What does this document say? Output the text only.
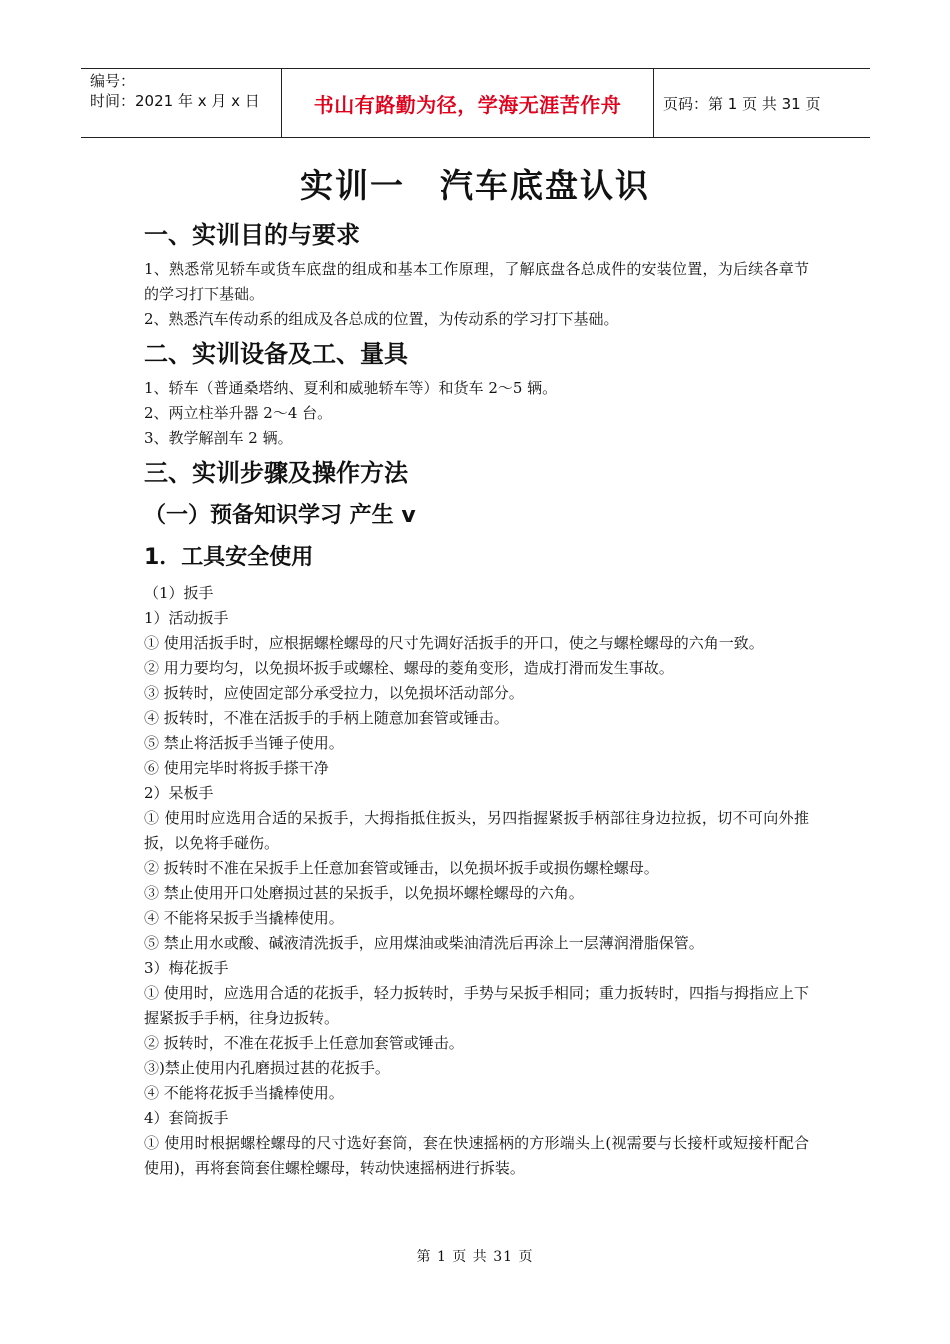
编号：
时间：2021 年 x 月 x 日	书山有路勤为径，学海无涯苦作舟	页码：第 1 页 共 31 页
实训一　汽车底盘认识
一、实训目的与要求

1、熟悉常见轿车或货车底盘的组成和基本工作原理，了解底盘各总成件的安装位置，为后续各章节的学习打下基础。

2、熟悉汽车传动系的组成及各总成的位置，为传动系的学习打下基础。

二、实训设备及工、量具

1、轿车（普通桑塔纳、夏利和威驰轿车等）和货车 2～5 辆。

2、两立柱举升器 2～4 台。

3、教学解剖车 2 辆。

三、实训步骤及操作方法
（一）预备知识学习 产生 v
1．工具安全使用

（1）扳手

1）活动扳手

① 使用活扳手时，应根据螺栓螺母的尺寸先调好活扳手的开口，使之与螺栓螺母的六角一致。

② 用力要均匀，以免损坏扳手或螺栓、螺母的菱角变形，造成打滑而发生事故。

③ 扳转时，应使固定部分承受拉力，以免损坏活动部分。

④ 扳转时，不准在活扳手的手柄上随意加套管或锤击。

⑤ 禁止将活扳手当锤子使用。

⑥ 使用完毕时将扳手搽干净

2）呆板手

① 使用时应选用合适的呆扳手，大拇指抵住扳头，另四指握紧扳手柄部往身边拉扳，切不可向外推扳，以免将手碰伤。

② 扳转时不准在呆扳手上任意加套管或锤击，以免损坏扳手或损伤螺栓螺母。

③ 禁止使用开口处磨损过甚的呆扳手，以免损坏螺栓螺母的六角。

④ 不能将呆扳手当撬棒使用。

⑤ 禁止用水或酸、碱液清洗扳手，应用煤油或柴油清洗后再涂上一层薄润滑脂保管。

3）梅花扳手

① 使用时，应选用合适的花扳手，轻力扳转时，手势与呆扳手相同；重力扳转时，四指与拇指应上下握紧扳手手柄，往身边扳转。

② 扳转时，不准在花扳手上任意加套管或锤击。

③)禁止使用内孔磨损过甚的花扳手。

④ 不能将花扳手当撬棒使用。

4）套筒扳手

① 使用时根据螺栓螺母的尺寸选好套筒，套在快速摇柄的方形端头上(视需要与长接杆或短接杆配合使用)，再将套筒套住螺栓螺母，转动快速摇柄进行拆装。

第 1 页 共 31 页
